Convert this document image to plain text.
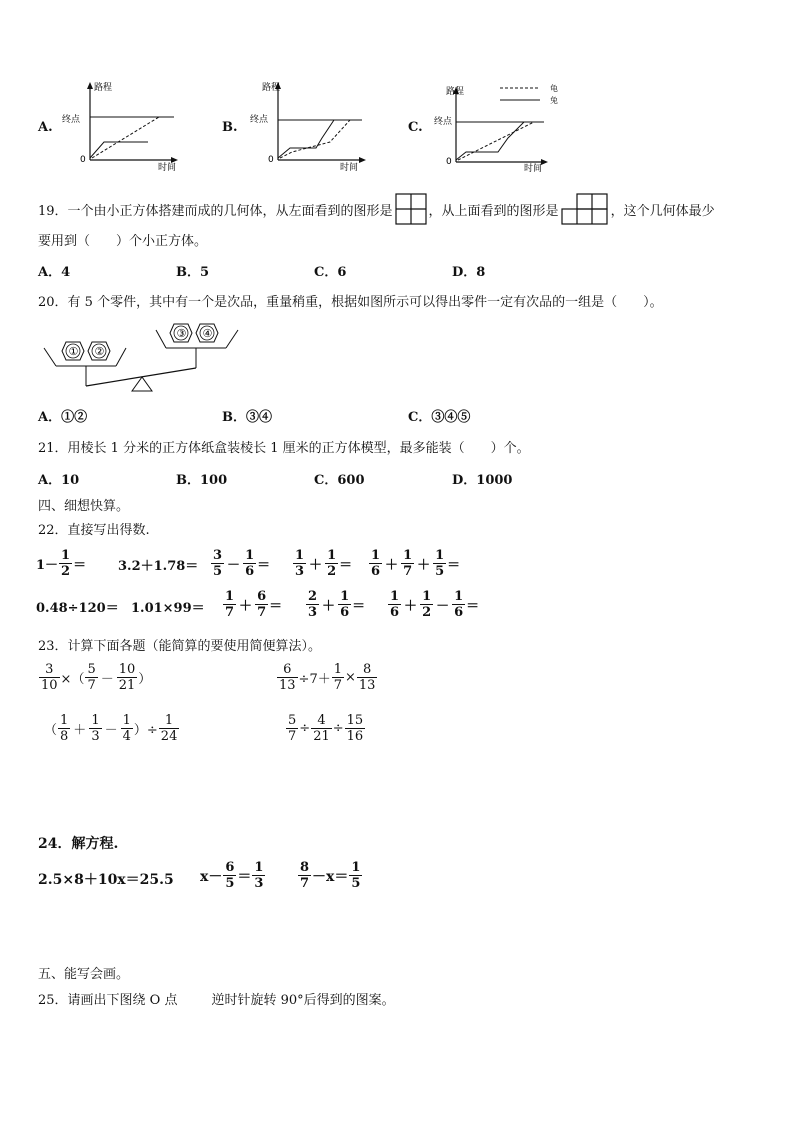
A.
路程
终点
0
时间
B.
路程
终点
0
时间
C.
路程
终点
0
时间
龟
兔
19．一个由小正方体搭建而成的几何体，从左面看到的图形是	，从上面看到的图形是	，这个几何体最少
要用到（　　）个小正方体。
A．4	B．5	C．6	D．8
20．有 5 个零件，其中有一个是次品，重量稍重，根据如图所示可以得出零件一定有次品的一组是（　　）。
① ②
③ ④
A．①②	B．③④	C．③④⑤
21．用棱长 1 分米的正方体纸盒装棱长 1 厘米的正方体模型，最多能装（　　）个。
A．10	B．100	C．600	D．1000
四、细想快算。
22．直接写出得数.
$1- \frac{1}{2} = 3.2+1.78= \frac{3}{5} - \frac{1}{6} = \frac{1}{3} + \frac{1}{2} = \frac{1}{6} + \frac{1}{7} + \frac{1}{5}$ ＝
$0.48\div 120= 1.01\times 99= \frac{1}{7} + \frac{6}{7} = \frac{2}{3} + \frac{1}{6} = \frac{1}{6} + \frac{1}{2} - \frac{1}{6}$ ＝
23．计算下面各题（能简算的要使用简便算法）。
$\frac{3}{10}$ ×（ $\frac{5}{7} - \frac{10}{21}$ ）	$\frac{6}{13} \div 7+ \frac{1}{7} \times \frac{8}{13}$
（ $\frac{1}{8} + \frac{1}{3} - \frac{1}{4}$ ）÷ $\frac{1}{24}$	$\frac{5}{7} \div \frac{4}{21} \div \frac{15}{16}$
24．解方程.
2.5×8＋10x＝25.5 $x- \frac{6}{5} = \frac{1}{3}$	$\frac{8}{7} -x= \frac{1}{5}$
五、能写会画。
25．请画出下图绕 O 点	逆时针旋转 90°后得到的图案。
